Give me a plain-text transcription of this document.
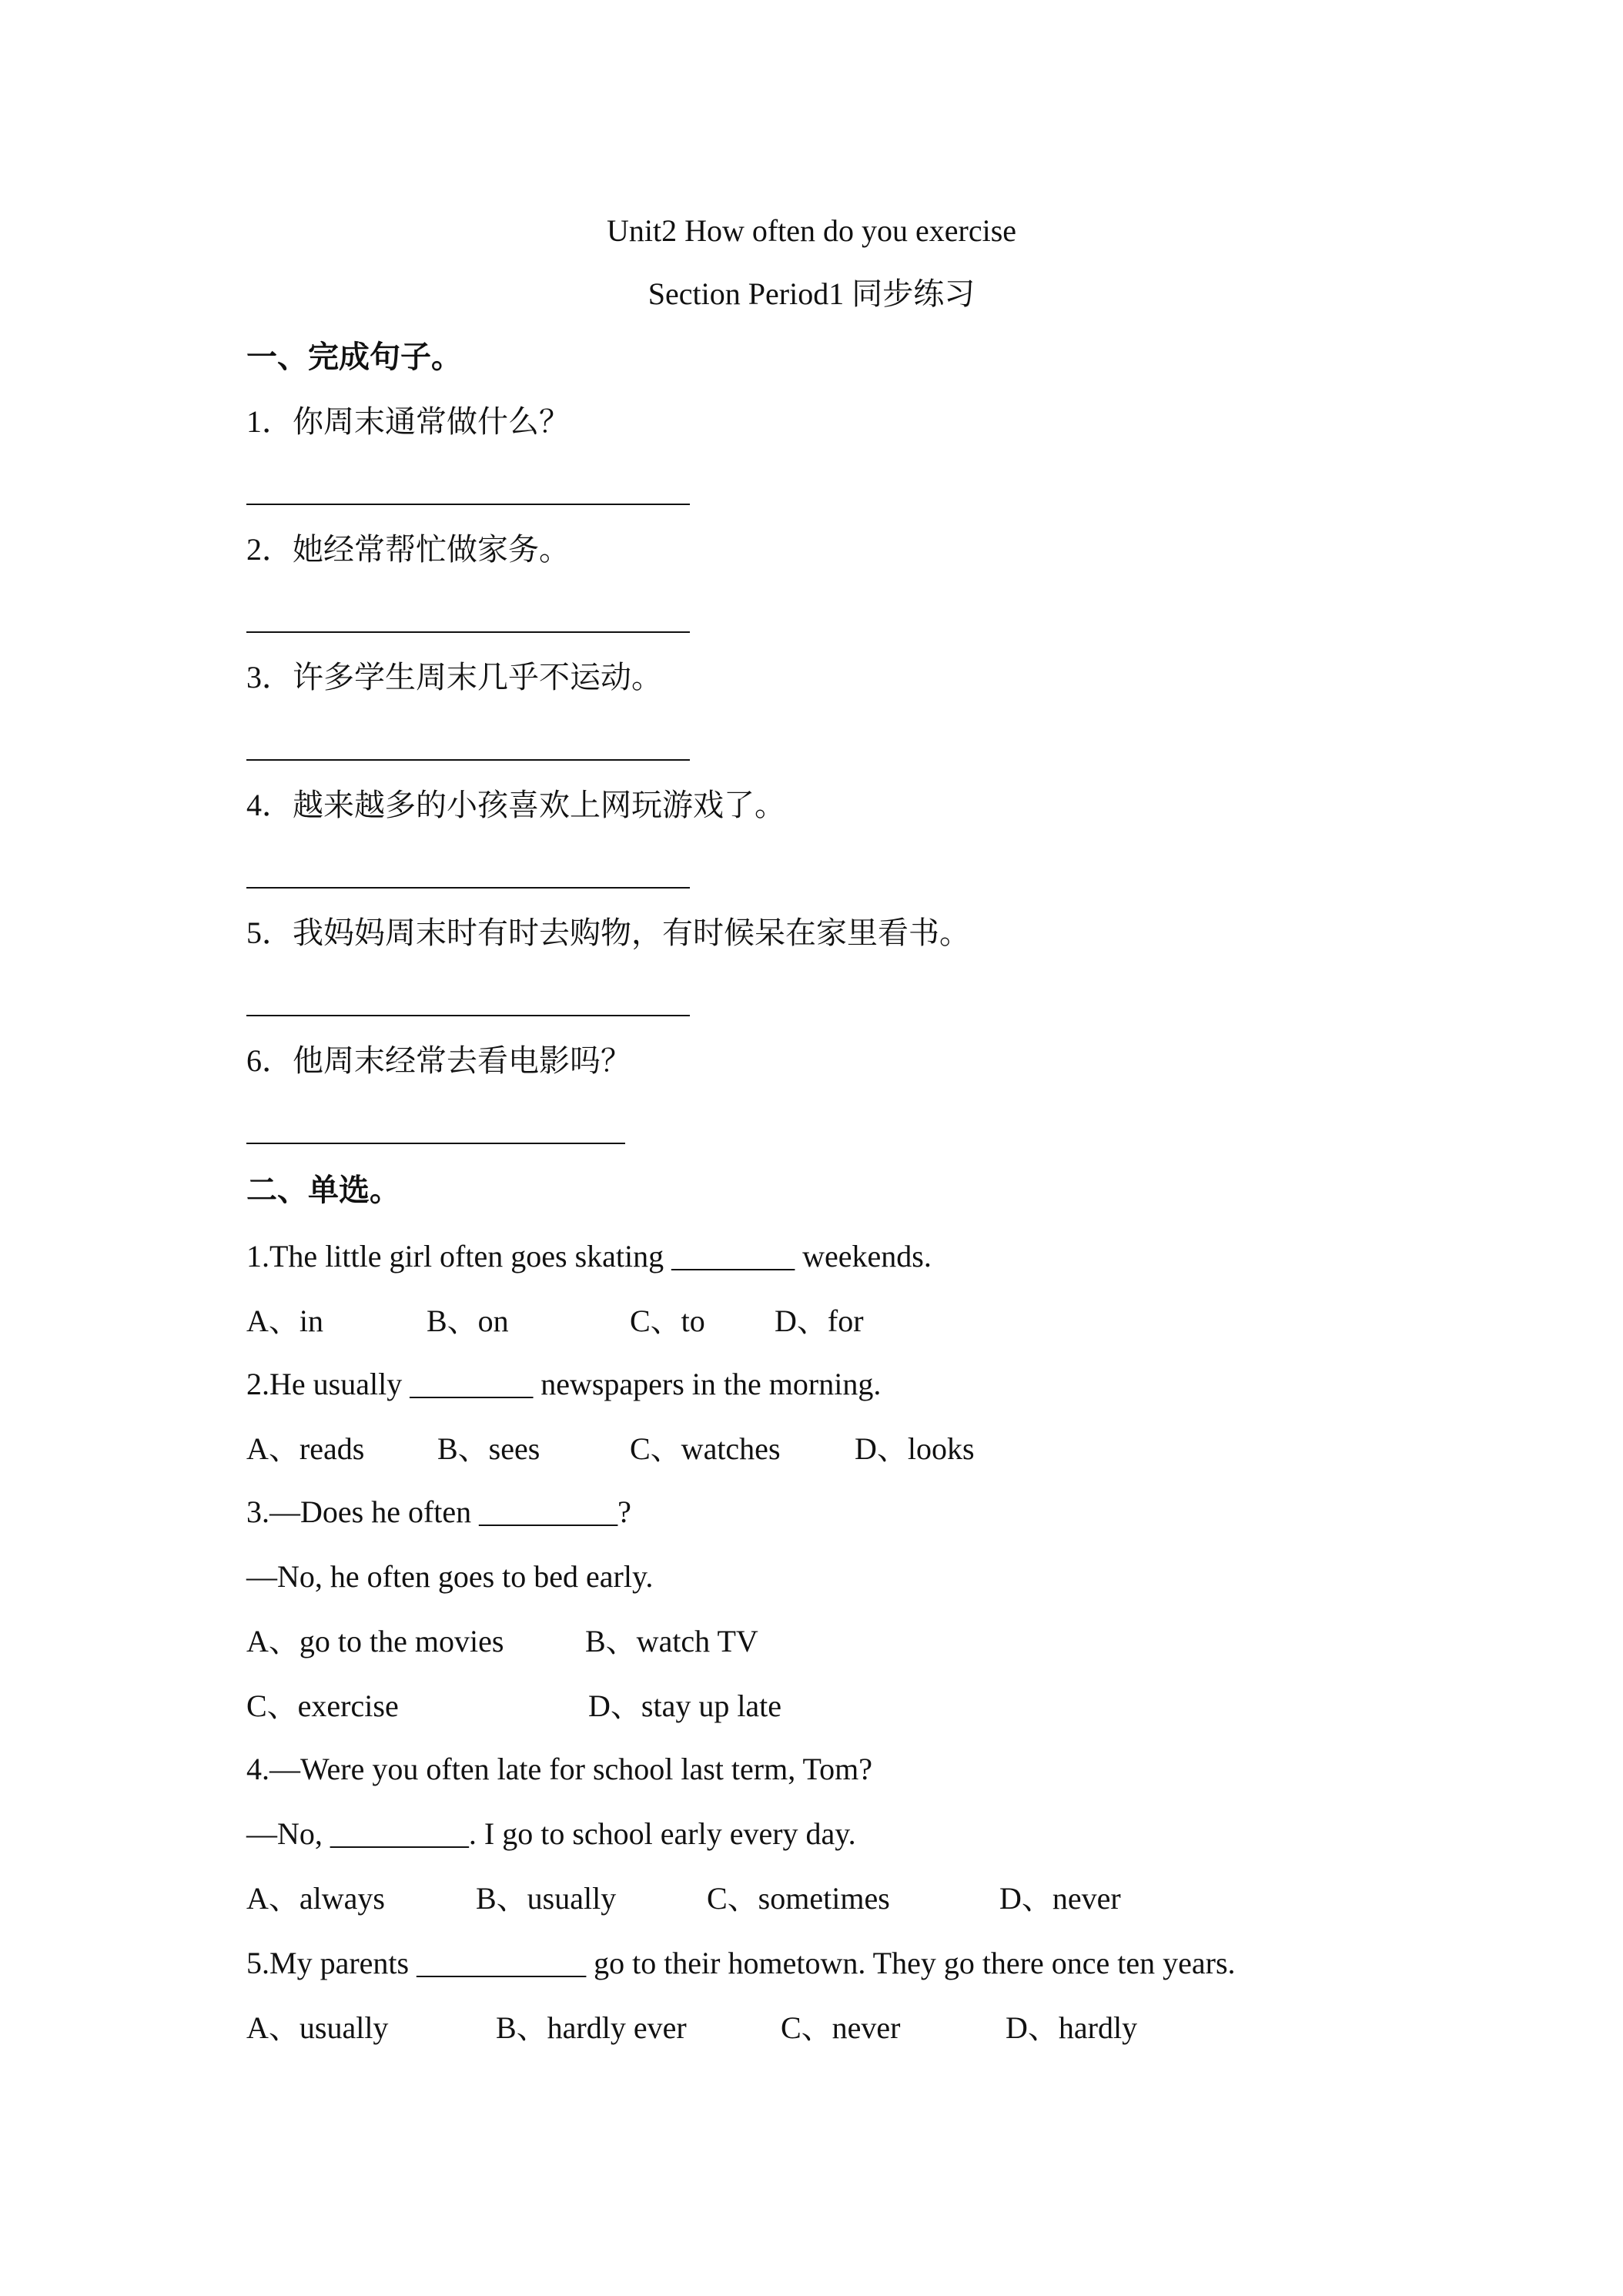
Unit2 How often do you exercise
Section Period1 同步练习
一、完成句子。
1．你周末通常做什么？
2．她经常帮忙做家务。
3．许多学生周末几乎不运动。
4．越来越多的小孩喜欢上网玩游戏了。
5．我妈妈周末时有时去购物，有时候呆在家里看书。
6．他周末经常去看电影吗？
二、单选。
1.The little girl often goes skating ________ weekends.
A、in	B、on	C、to D、for
2.He usually ________ newspapers in the morning.
A、reads B、sees	C、watches D、looks
3.—Does he often _________?
—No, he often goes to bed early.
A、go to the movies	B、watch TV
C、exercise	D、stay up late
4.—Were you often late for school last term, Tom?
—No, _________. I go to school early every day.
A、always	B、usually	C、sometimes	D、never
5.My parents ___________ go to their hometown. They go there once ten years.
A、usually	B、hardly ever	C、never	D、hardly
